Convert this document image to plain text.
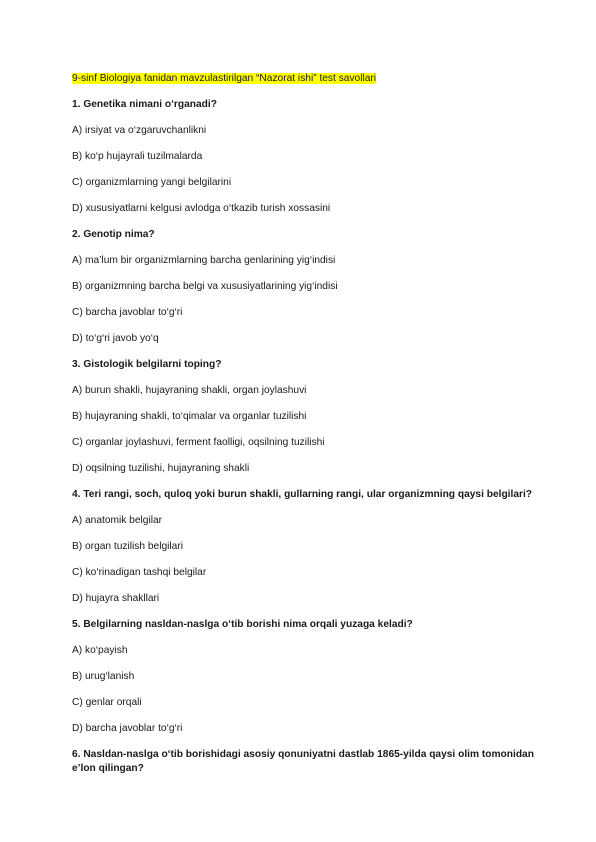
9-sinf Biologiya fanidan mavzulastirilgan “Nazorat ishi” test savollari

1. Genetika nimani o‘rganadi?

A) irsiyat va o‘zgaruvchanlikni

B) ko‘p hujayrali tuzilmalarda

C) organizmlarning yangi belgilarini

D) xususiyatlarni kelgusi avlodga o‘tkazib turish xossasini

2. Genotip nima?

A) ma’lum bir organizmlarning barcha genlarining yig‘indisi

B) organizmning barcha belgi va xususiyatlarining yig‘indisi

C) barcha javoblar to‘g‘ri

D) to‘g‘ri javob yo‘q

3. Gistologik belgilarni toping?

A) burun shakli, hujayraning shakli, organ joylashuvi

B) hujayraning shakli, to‘qimalar va organlar tuzilishi

C) organlar joylashuvi, ferment faolligi, oqsilning tuzilishi

D) oqsilning tuzilishi, hujayraning shakli

4. Teri rangi, soch, quloq yoki burun shakli, gullarning rangi, ular organizmning qaysi belgilari?

A) anatomik belgilar

B) organ tuzilish belgilari

C) ko‘rinadigan tashqi belgilar

D) hujayra shakllari

5. Belgilarning nasldan-naslga o‘tib borishi nima orqali yuzaga keladi?

A) ko‘payish

B) urug‘lanish

C) genlar orqali

D) barcha javoblar to‘g‘ri

6. Nasldan-naslga o‘tib borishidagi asosiy qonuniyatni dastlab 1865-yilda qaysi olim tomonidan e’lon qilingan?
